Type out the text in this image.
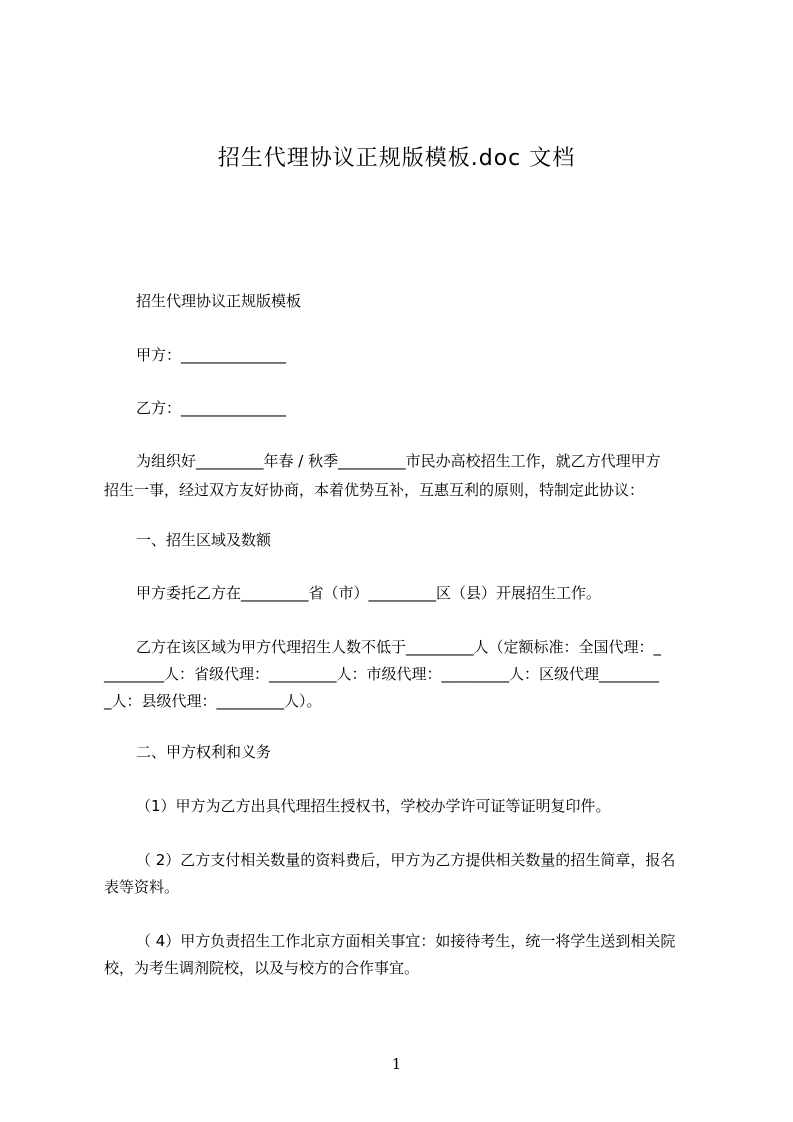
招生代理协议正规版模板.doc 文档
招生代理协议正规版模板
甲方：______________
乙方：______________
为组织好_________年春 / 秋季_________市民办高校招生工作，就乙方代理甲方
招生一事，经过双方友好协商，本着优势互补，互惠互利的原则，特制定此协议：
一、招生区域及数额
甲方委托乙方在_________省（市）_________区（县）开展招生工作。
乙方在该区域为甲方代理招生人数不低于_________人（定额标准：全国代理：_
________人：省级代理：_________人：市级代理：_________人：区级代理________
_人：县级代理：_________人）。
二、甲方权利和义务
（1）甲方为乙方出具代理招生授权书，学校办学许可证等证明复印件。
（ 2）乙方支付相关数量的资料费后，甲方为乙方提供相关数量的招生简章，报名
表等资料。
（ 4）甲方负责招生工作北京方面相关事宜：如接待考生，统一将学生送到相关院
校，为考生调剂院校，以及与校方的合作事宜。
1
